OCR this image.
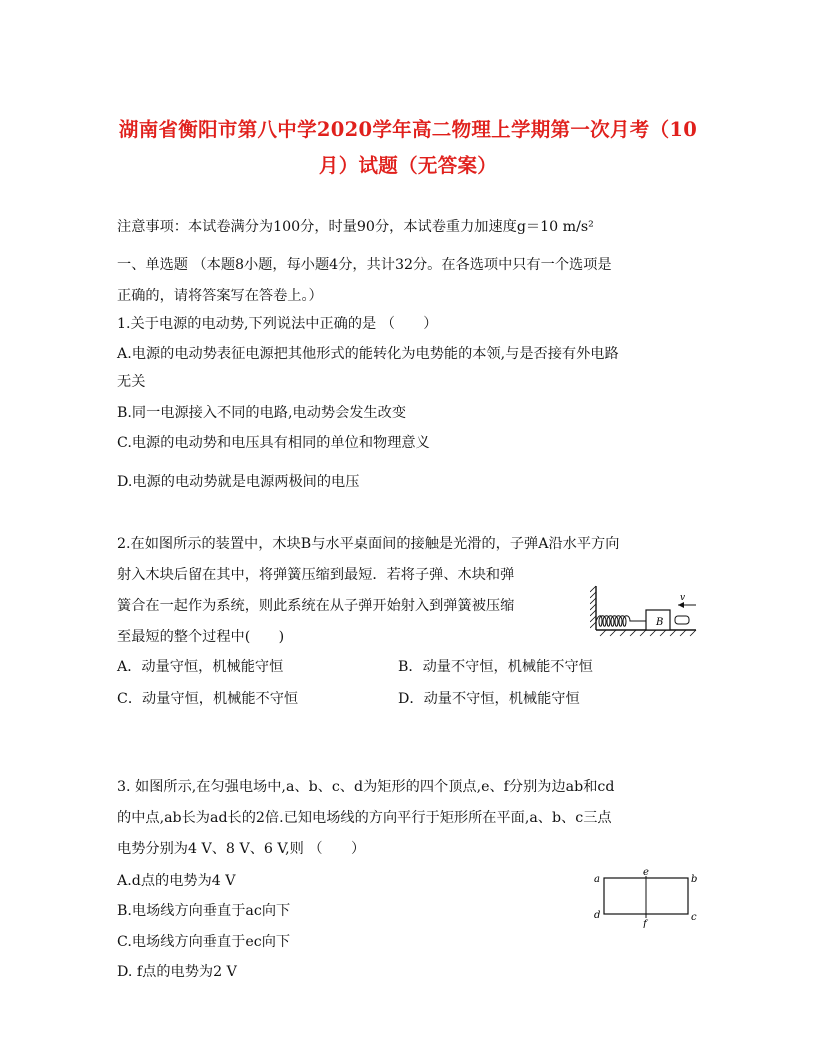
湖南省衡阳市第八中学2020学年高二物理上学期第一次月考（10
月）试题（无答案）
注意事项：本试卷满分为100分，时量90分，本试卷重力加速度g＝10 m/s²
一、单选题 （本题8小题，每小题4分，共计32分。在各选项中只有一个选项是
正确的，请将答案写在答卷上。）
1.关于电源的电动势,下列说法中正确的是 （　　）
A.电源的电动势表征电源把其他形式的能转化为电势能的本领,与是否接有外电路
无关
B.同一电源接入不同的电路,电动势会发生改变
C.电源的电动势和电压具有相同的单位和物理意义
D.电源的电动势就是电源两极间的电压
2.在如图所示的装置中，木块B与水平桌面间的接触是光滑的，子弹A沿水平方向
射入木块后留在其中，将弹簧压缩到最短．若将子弹、木块和弹
簧合在一起作为系统，则此系统在从子弹开始射入到弹簧被压缩
至最短的整个过程中(　　)
B
v
A．动量守恒，机械能守恒	B．动量不守恒，机械能不守恒
C．动量守恒，机械能不守恒	D．动量不守恒，机械能守恒
3. 如图所示,在匀强电场中,a、b、c、d为矩形的四个顶点,e、f分别为边ab和cd
的中点,ab长为ad长的2倍.已知电场线的方向平行于矩形所在平面,a、b、c三点
电势分别为4 V、8 V、6 V,则 （　　）
A.d点的电势为4 V
B.电场线方向垂直于ac向下
C.电场线方向垂直于ec向下
D. f点的电势为2 V
a	b
c
d
e
f
